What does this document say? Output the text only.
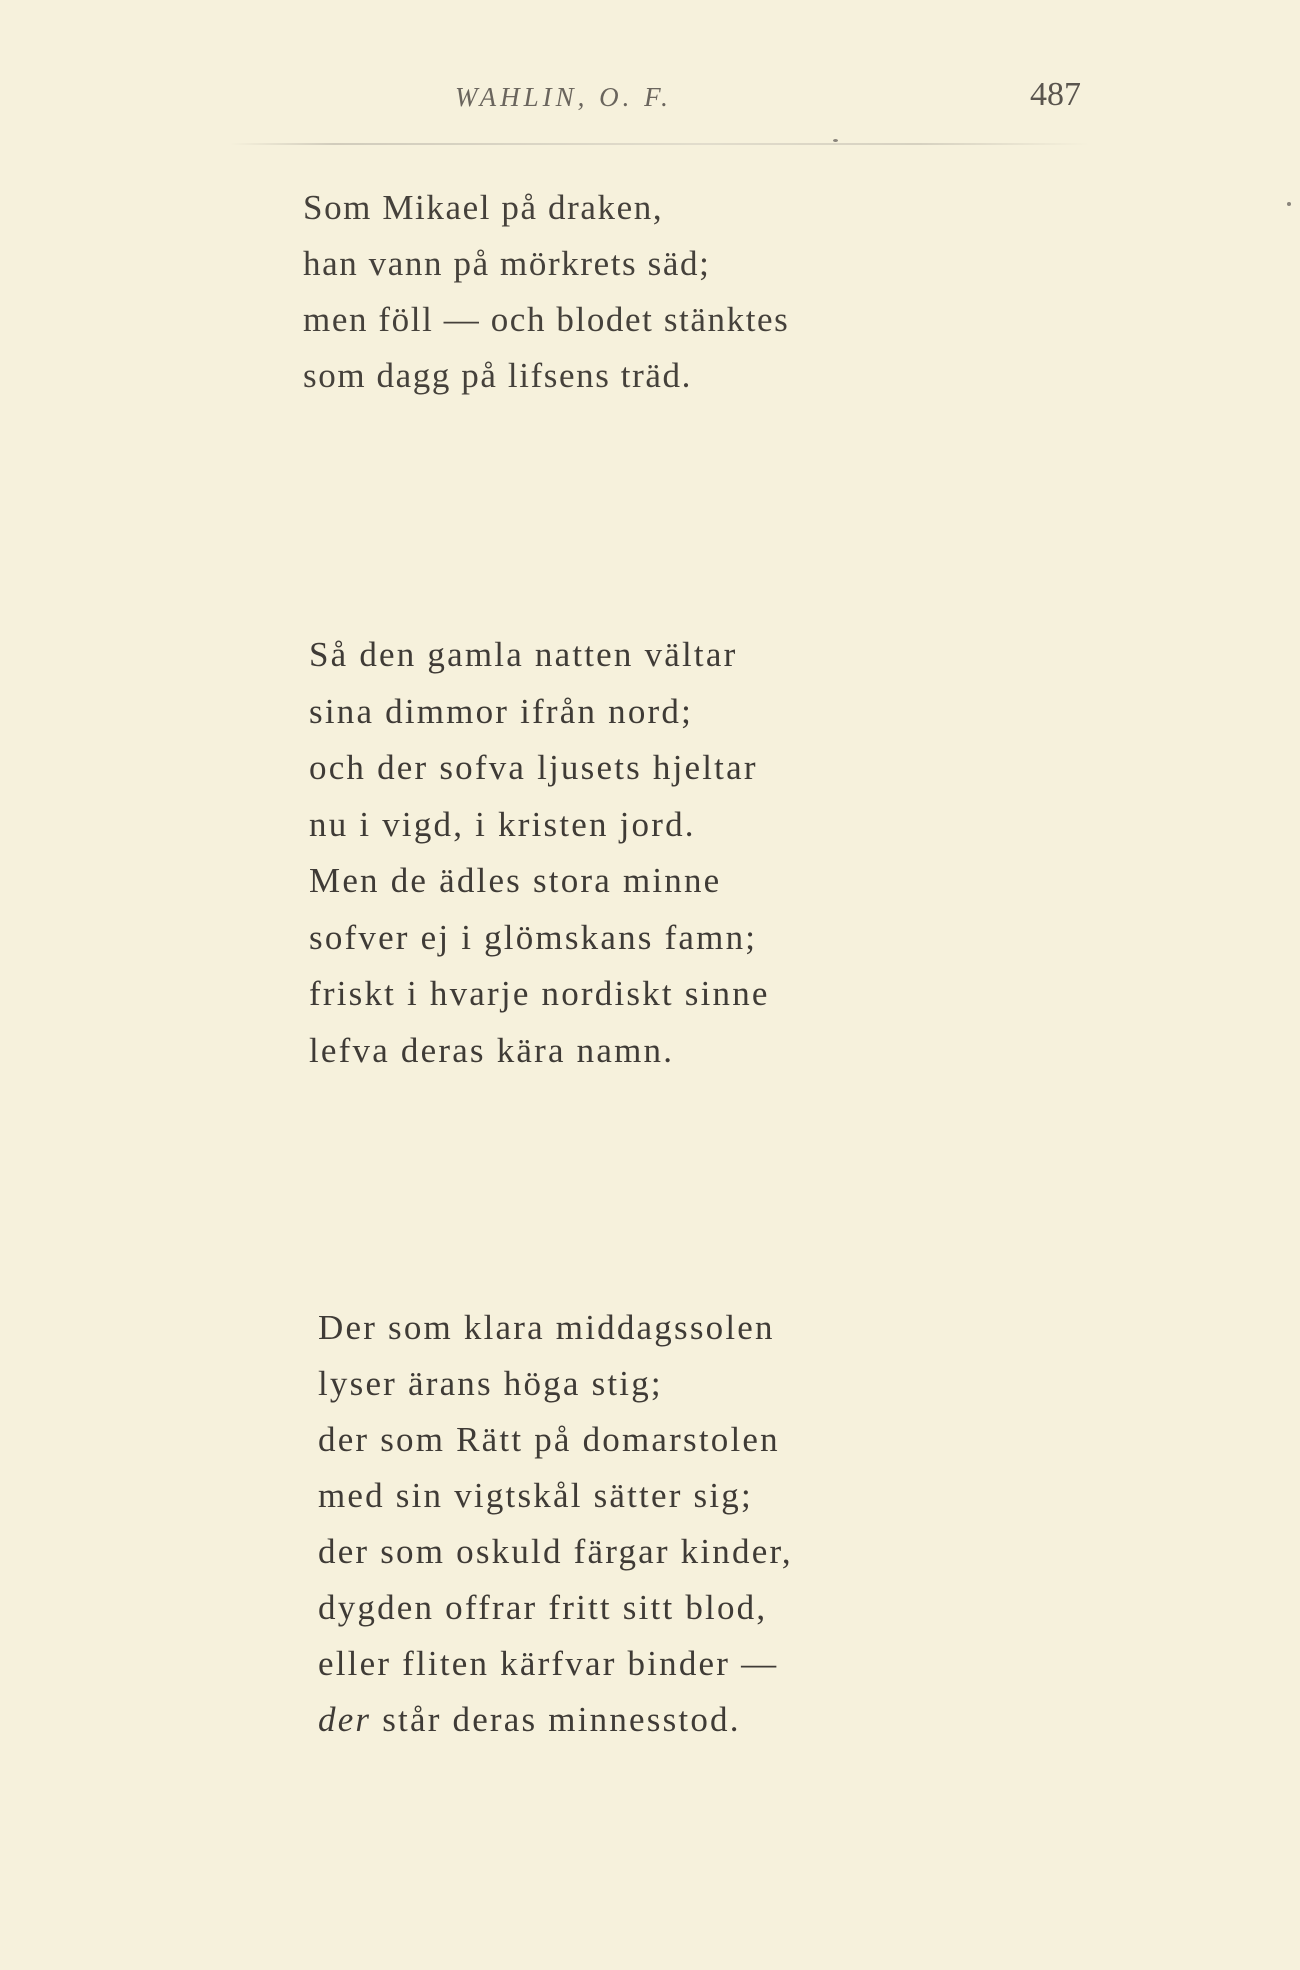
WAHLIN, O. F.	487
Som Mikael på draken,
han vann på mörkrets säd;
men föll — och blodet stänktes
som dagg på lifsens träd.
Så den gamla natten vältar
sina dimmor ifrån nord;
och der sofva ljusets hjeltar
nu i vigd, i kristen jord.
Men de ädles stora minne
sofver ej i glömskans famn;
friskt i hvarje nordiskt sinne
lefva deras kära namn.
Der som klara middagssolen
lyser ärans höga stig;
der som Rätt på domarstolen
med sin vigtskål sätter sig;
der som oskuld färgar kinder,
dygden offrar fritt sitt blod,
eller fliten kärfvar binder —
der står deras minnesstod.
